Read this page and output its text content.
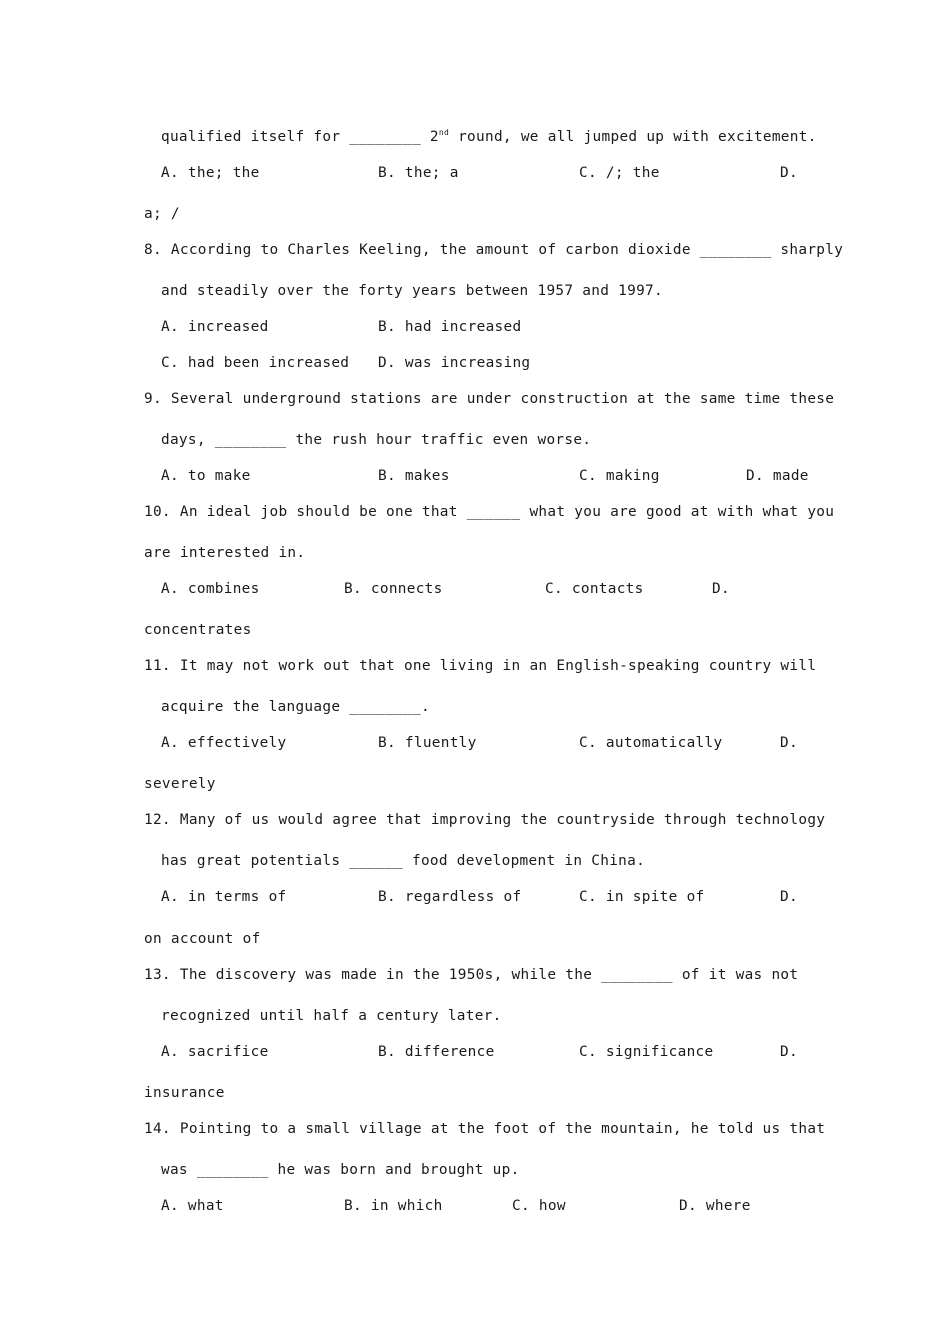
qualified itself for ________ 2nd round, we all jumped up with excitement.
A. the; the	B. the; a	C. /; the	D.
a; /
8. According to Charles Keeling, the amount of carbon dioxide ________ sharply
and steadily over the forty years between 1957 and 1997.
A. increased	B. had increased
C. had been increased D. was increasing
9. Several underground stations are under construction at the same time these
days, ________ the rush hour traffic even worse.
A. to make	B. makes	C. making	D. made
10. An ideal job should be one that ______ what you are good at with what you
are interested in.
A. combines	B. connects	C. contacts	D.
concentrates
11. It may not work out that one living in an English-speaking country will
acquire the language ________.
A. effectively	B. fluently	C. automatically	D.
severely
12. Many of us would agree that improving the countryside through technology
has great potentials ______ food development in China.
A. in terms of	B. regardless of	C. in spite of	D.
on account of
13. The discovery was made in the 1950s, while the ________ of it was not
recognized until half a century later.
A. sacrifice	B. difference	C. significance	D.
insurance
14. Pointing to a small village at the foot of the mountain, he told us that
was ________ he was born and brought up.
A. what	B. in which	C. how	D. where
